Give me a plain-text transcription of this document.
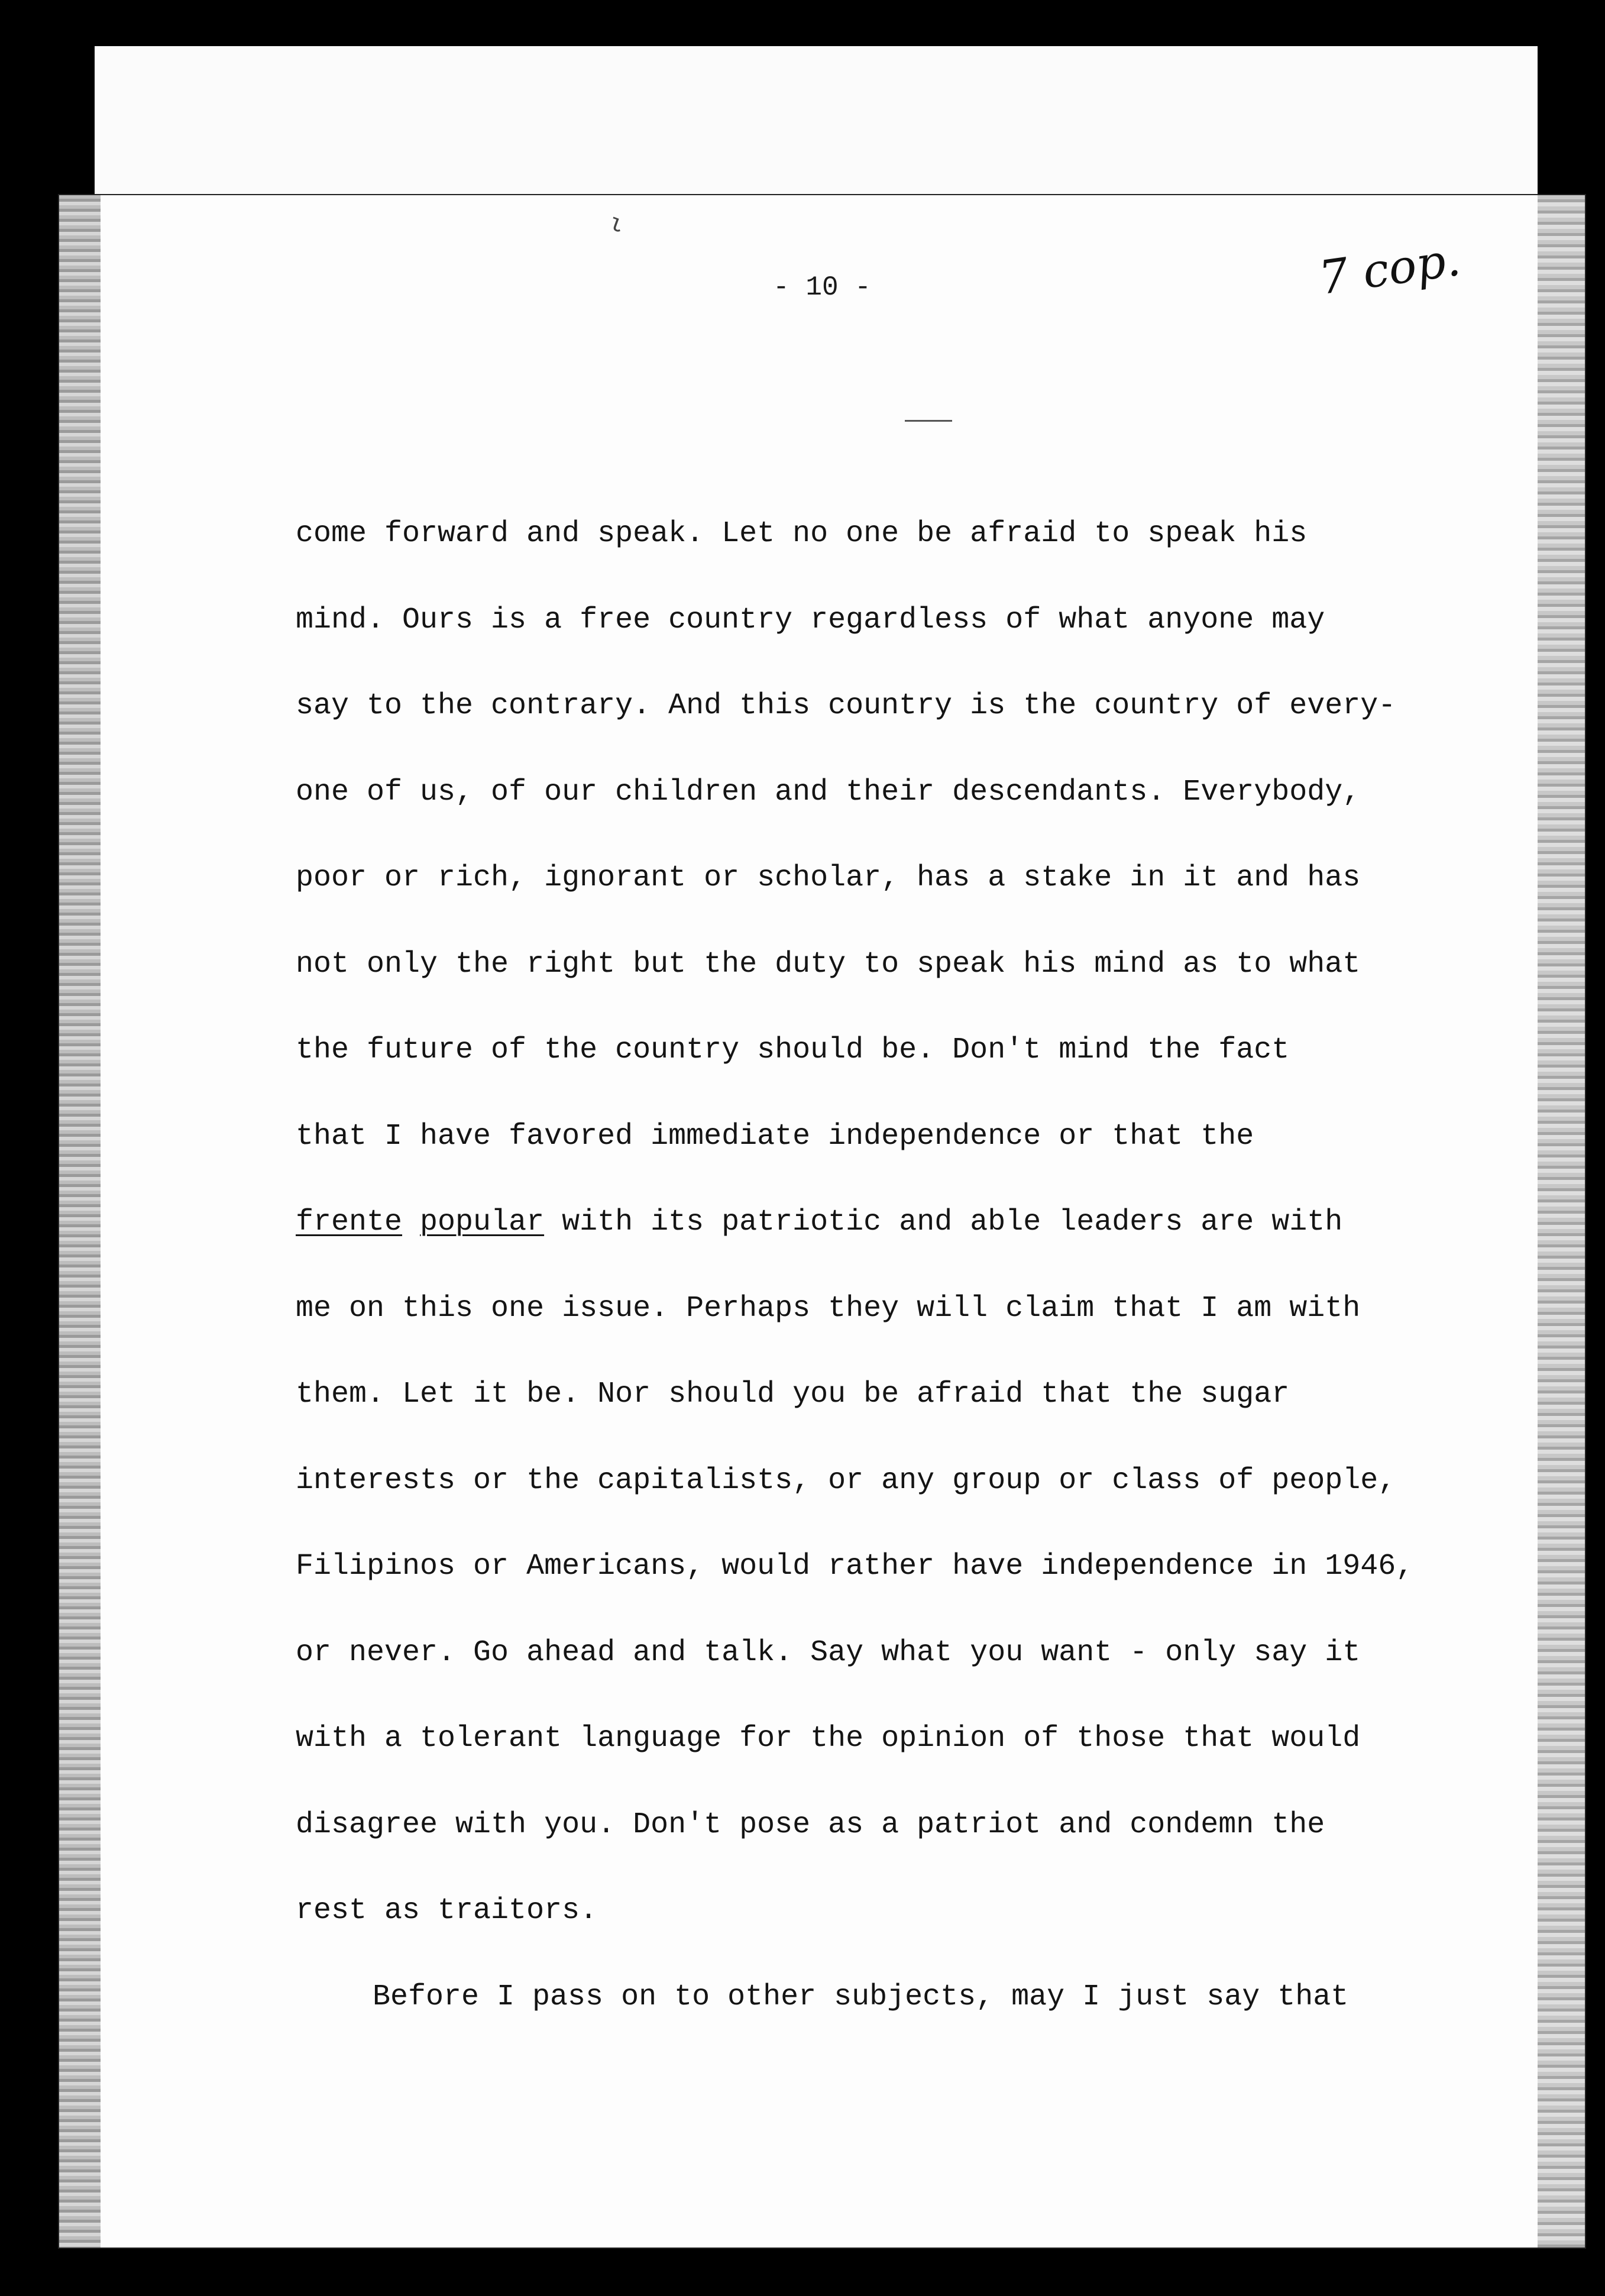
ι
- 10 -	7 cop.

come forward and speak. Let no one be afraid to speak his

mind. Ours is a free country regardless of what anyone may

say to the contrary. And this country is the country of every-

one of us, of our children and their descendants. Everybody,

poor or rich, ignorant or scholar, has a stake in it and has

not only the right but the duty to speak his mind as to what

the future of the country should be. Don't mind the fact

that I have favored immediate independence or that the

frente popular with its patriotic and able leaders are with

me on this one issue. Perhaps they will claim that I am with

them. Let it be. Nor should you be afraid that the sugar

interests or the capitalists, or any group or class of people,

Filipinos or Americans, would rather have independence in 1946,

or never. Go ahead and talk. Say what you want - only say it

with a tolerant language for the opinion of those that would

disagree with you. Don't pose as a patriot and condemn the

rest as traitors.

Before I pass on to other subjects, may I just say that
